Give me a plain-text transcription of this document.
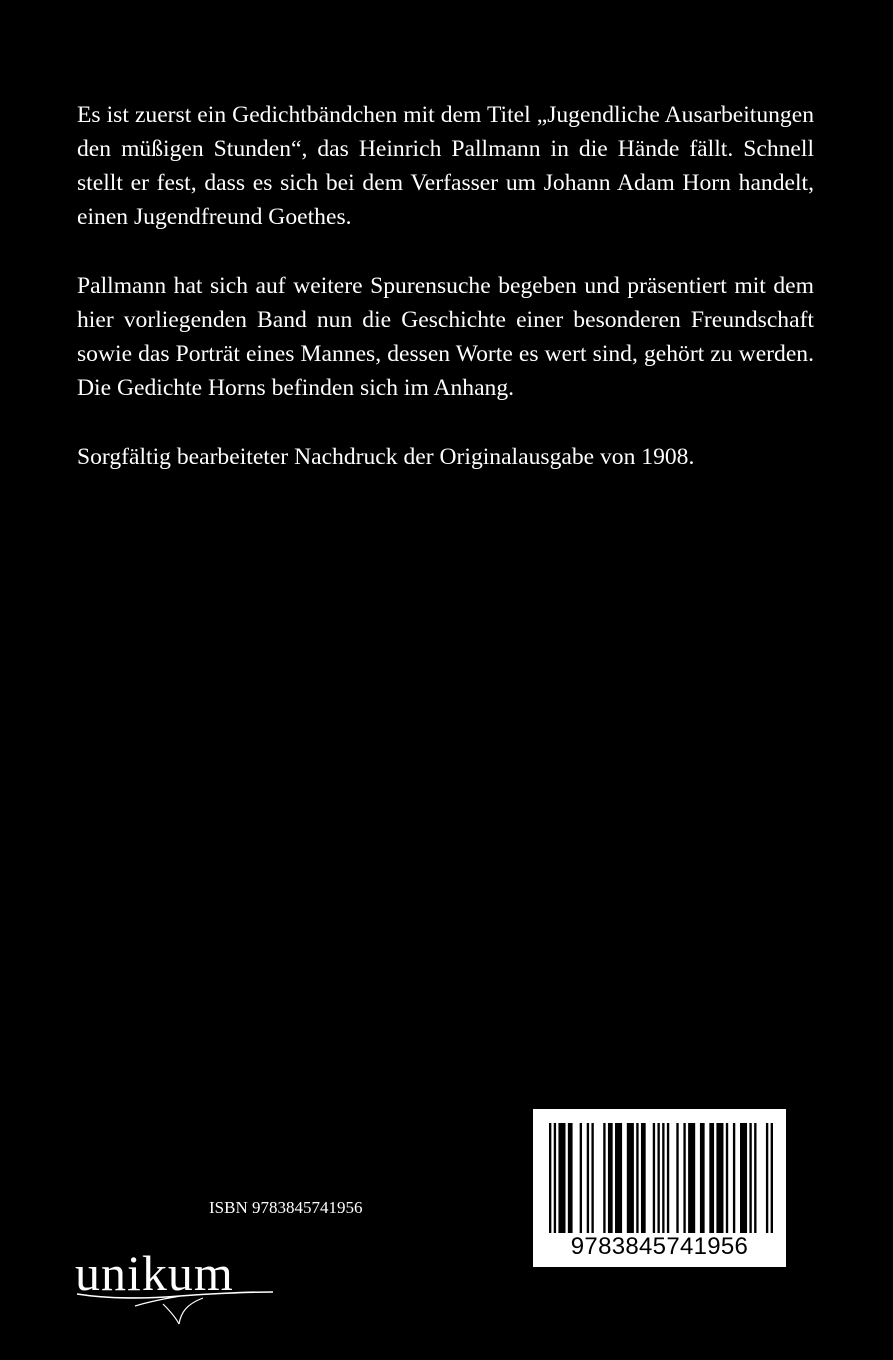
Es ist zuerst ein Gedichtbändchen mit dem Titel „Jugendliche Ausarbeitungen den müßigen Stunden“, das Heinrich Pallmann in die Hände fällt. Schnell stellt er fest, dass es sich bei dem Verfasser um Johann Adam Horn handelt, einen Jugendfreund Goethes.

Pallmann hat sich auf weitere Spurensuche begeben und präsentiert mit dem hier vorliegenden Band nun die Geschichte einer besonderen Freundschaft sowie das Porträt eines Mannes, dessen Worte es wert sind, gehört zu werden. Die Gedichte Horns befinden sich im Anhang.

Sorgfältig bearbeiteter Nachdruck der Originalausgabe von 1908.

ISBN 9783845741956
9783845741956
unikum
